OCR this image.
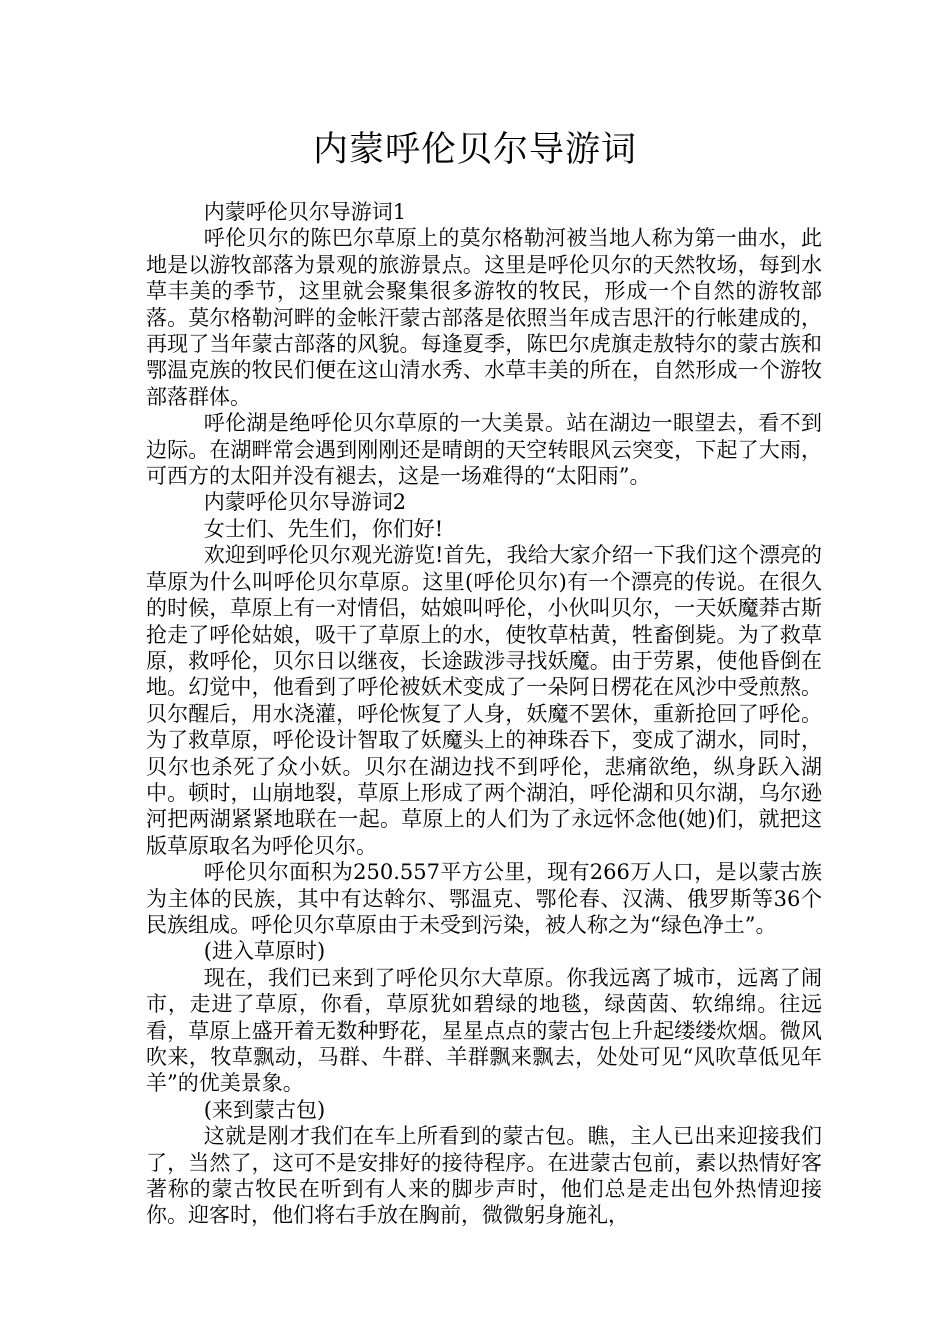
内蒙呼伦贝尔导游词

内蒙呼伦贝尔导游词1

呼伦贝尔的陈巴尔草原上的莫尔格勒河被当地人称为第一曲水，此地是以游牧部落为景观的旅游景点。这里是呼伦贝尔的天然牧场，每到水草丰美的季节，这里就会聚集很多游牧的牧民，形成一个自然的游牧部落。莫尔格勒河畔的金帐汗蒙古部落是依照当年成吉思汗的行帐建成的，再现了当年蒙古部落的风貌。每逢夏季，陈巴尔虎旗走敖特尔的蒙古族和鄂温克族的牧民们便在这山清水秀、水草丰美的所在，自然形成一个游牧部落群体。

呼伦湖是绝呼伦贝尔草原的一大美景。站在湖边一眼望去，看不到边际。在湖畔常会遇到刚刚还是晴朗的天空转眼风云突变，下起了大雨，可西方的太阳并没有褪去，这是一场难得的“太阳雨”。

内蒙呼伦贝尔导游词2

女士们、先生们，你们好!

欢迎到呼伦贝尔观光游览!首先，我给大家介绍一下我们这个漂亮的草原为什么叫呼伦贝尔草原。这里(呼伦贝尔)有一个漂亮的传说。在很久的时候，草原上有一对情侣，姑娘叫呼伦，小伙叫贝尔，一天妖魔莽古斯抢走了呼伦姑娘，吸干了草原上的水，使牧草枯黄，牲畜倒毙。为了救草原，救呼伦，贝尔日以继夜，长途跋涉寻找妖魔。由于劳累，使他昏倒在地。幻觉中，他看到了呼伦被妖术变成了一朵阿日楞花在风沙中受煎熬。贝尔醒后，用水浇灌，呼伦恢复了人身，妖魔不罢休，重新抢回了呼伦。为了救草原，呼伦设计智取了妖魔头上的神珠吞下，变成了湖水，同时，贝尔也杀死了众小妖。贝尔在湖边找不到呼伦，悲痛欲绝，纵身跃入湖中。顿时，山崩地裂，草原上形成了两个湖泊，呼伦湖和贝尔湖，乌尔逊河把两湖紧紧地联在一起。草原上的人们为了永远怀念他(她)们，就把这版草原取名为呼伦贝尔。

呼伦贝尔面积为250.557平方公里，现有266万人口，是以蒙古族为主体的民族，其中有达斡尔、鄂温克、鄂伦春、汉满、俄罗斯等36个民族组成。呼伦贝尔草原由于未受到污染，被人称之为“绿色净土”。

(进入草原时)

现在，我们已来到了呼伦贝尔大草原。你我远离了城市，远离了闹市，走进了草原，你看，草原犹如碧绿的地毯，绿茵茵、软绵绵。往远看，草原上盛开着无数种野花，星星点点的蒙古包上升起缕缕炊烟。微风吹来，牧草飘动，马群、牛群、羊群飘来飘去，处处可见“风吹草低见年羊”的优美景象。

(来到蒙古包)

这就是刚才我们在车上所看到的蒙古包。瞧，主人已出来迎接我们了，当然了，这可不是安排好的接待程序。在进蒙古包前，素以热情好客著称的蒙古牧民在听到有人来的脚步声时，他们总是走出包外热情迎接你。迎客时，他们将右手放在胸前，微微躬身施礼，
